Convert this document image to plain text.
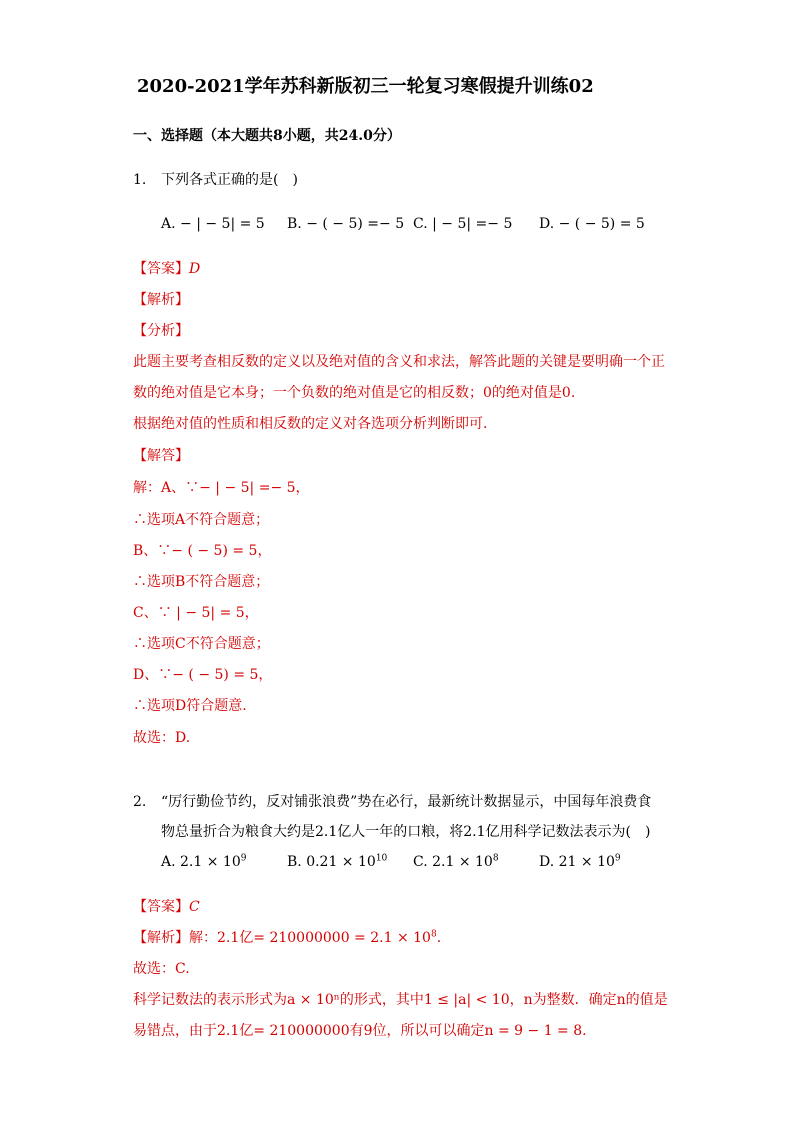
2020-2021学年苏科新版初三一轮复习寒假提升训练02
一、选择题（本大题共8小题，共24.0分）
1. 下列各式正确的是( )
A. − | − 5| = 5 B. − ( − 5) =− 5 C. | − 5| =− 5 D. − ( − 5) = 5
【答案】D
【解析】
【分析】
此题主要考查相反数的定义以及绝对值的含义和求法，解答此题的关键是要明确一个正
数的绝对值是它本身；一个负数的绝对值是它的相反数；0的绝对值是0.
根据绝对值的性质和相反数的定义对各选项分析判断即可.
【解答】
解：A、∵− | − 5| =− 5，
∴选项A不符合题意；
B、∵− ( − 5) = 5，
∴选项B不符合题意；
C、∵ | − 5| = 5，
∴选项C不符合题意；
D、∵− ( − 5) = 5，
∴选项D符合题意.
故选：D.
2. “厉行勤俭节约，反对铺张浪费”势在必行，最新统计数据显示，中国每年浪费食
物总量折合为粮食大约是2.1亿人一年的口粮，将2.1亿用科学记数法表示为( )
A. $2.1 \times 10^9$	B. $0.21 \times 10^{10}$ C. $2.1 \times 10^8$	D. $21 \times 10^9$
【答案】C
【解析】解：2.1亿= $210000000 = 2.1 \times 10^8$.
故选：C.
科学记数法的表示形式为a × 10ⁿ的形式，其中1 ≤ |a| < 10，n为整数．确定n的值是
易错点，由于2.1亿= 210000000有9位，所以可以确定n = 9 − 1 = 8.
